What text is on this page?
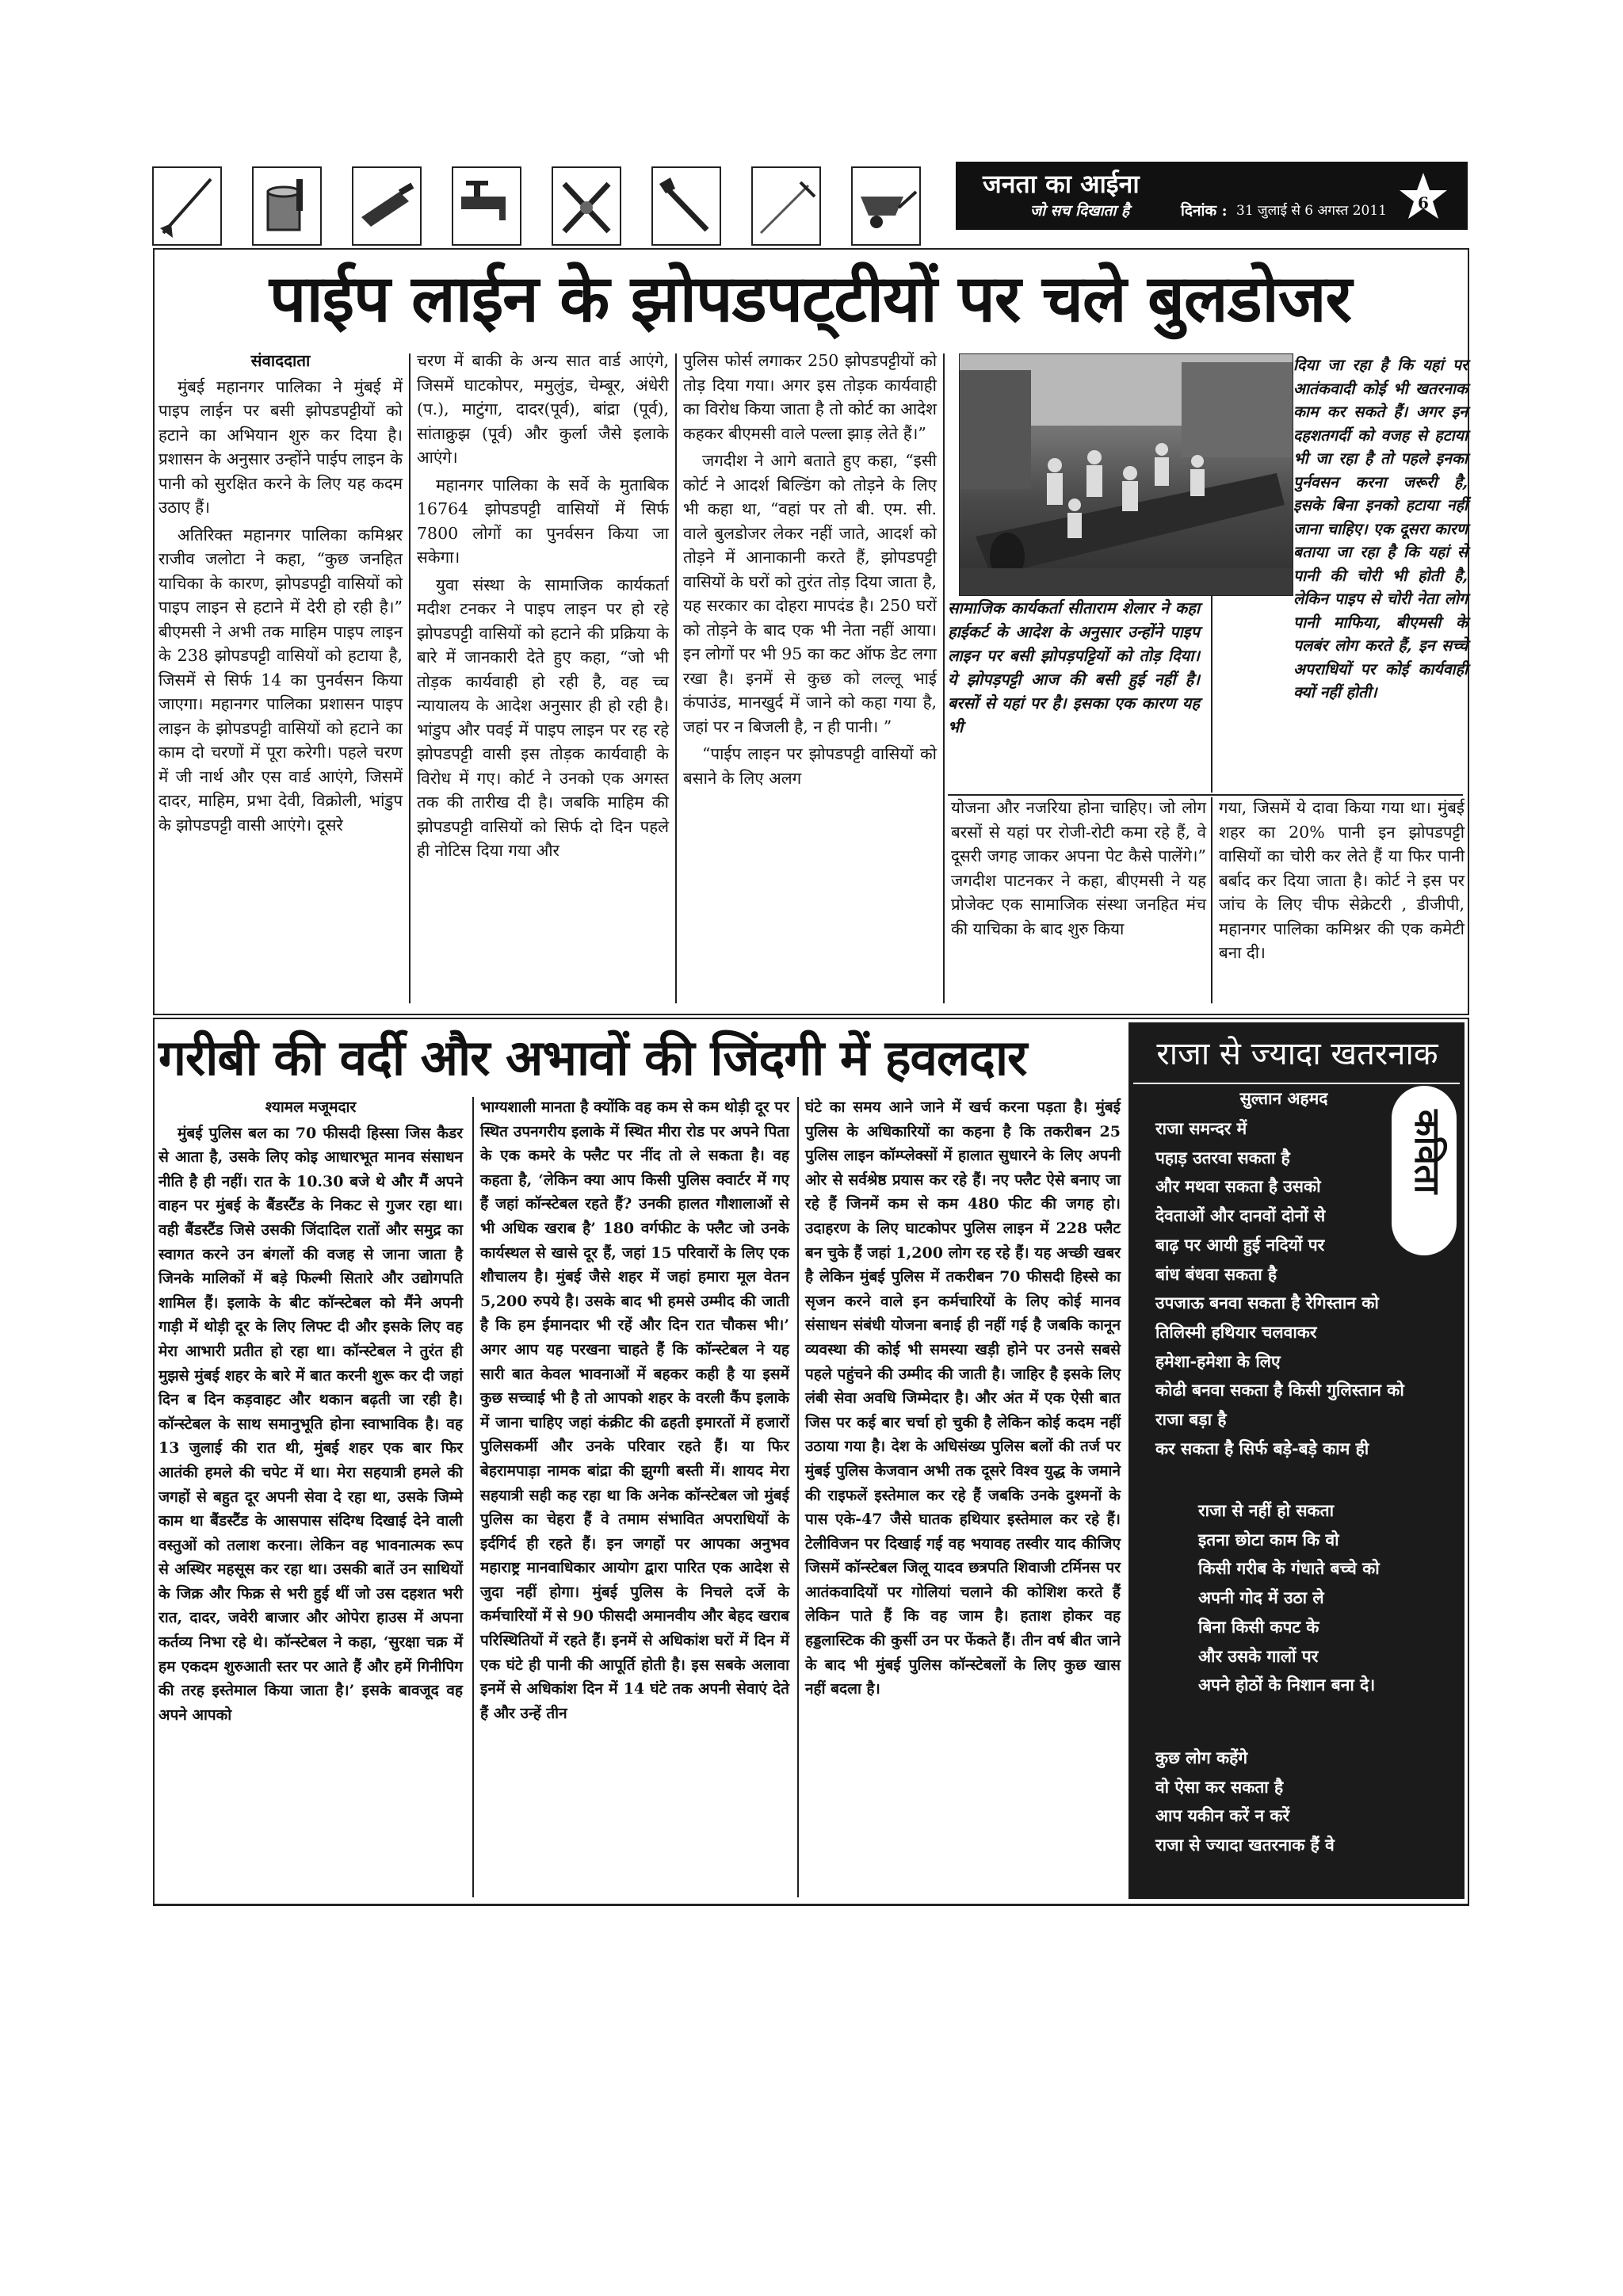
जनता का आईना
जो सच दिखाता है	दिनांक : 31 जुलाई से 6 अगस्त 2011 6
पाईप लाईन के झोपडपट्‍टीयों पर चले बुलडोजर

संवाददाता

मुंबई महानगर पालिका ने मुंबई में पाइप लाईन पर बसी झोपडपट्टीयों को हटाने का अभियान शुरु कर दिया है। प्रशासन के अनुसार उन्होंने पाईप लाइन के पानी को सुरक्षित करने के लिए यह कदम उठाए हैं।

अतिरिक्त महानगर पालिका कमिश्नर राजीव जलोटा ने कहा, “कुछ जनहित याचिका के कारण, झोपडपट्टी वासियों को पाइप लाइन से हटाने में देरी हो रही है।” बीएमसी ने अभी तक माहिम पाइप लाइन के 238 झोपडपट्टी वासियों को हटाया है, जिसमें से सिर्फ 14 का पुनर्वसन किया जाएगा। महानगर पालिका प्रशासन पाइप लाइन के झोपडपट्टी वासियों को हटाने का काम दो चरणों में पूरा करेगी। पहले चरण में जी नार्थ और एस वार्ड आएंगे, जिसमें दादर, माहिम, प्रभा देवी, विक्रोली, भांडुप के झोपडपट्टी वासी आएंगे। दूसरे

चरण में बाकी के अन्य सात वार्ड आएंगे, जिसमें घाटकोपर, ममुलुंड, चेम्बूर, अंधेरी (प.), माटुंगा, दादर(पूर्व), बांद्रा (पूर्व), सांताक्रुझ (पूर्व) और कुर्ला जैसे इलाके आएंगे।

महानगर पालिका के सर्वे के मुताबिक 16764 झोपडपट्टी वासियों में सिर्फ 7800 लोगों का पुनर्वसन किया जा सकेगा।

युवा संस्था के सामाजिक कार्यकर्ता मदीश टनकर ने पाइप लाइन पर हो रहे झोपडपट्टी वासियों को हटाने की प्रक्रिया के बारे में जानकारी देते हुए कहा, “जो भी तोड़क कार्यवाही हो रही है, वह च्च न्यायालय के आदेश अनुसार ही हो रही है। भांडुप और पवई में पाइप लाइन पर रह रहे झोपडपट्टी वासी इस तोड़क कार्यवाही के विरोध में गए। कोर्ट ने उनको एक अगस्त तक की तारीख दी है। जबकि माहिम की झोपडपट्टी वासियों को सिर्फ दो दिन पहले ही नोटिस दिया गया और

पुलिस फोर्स लगाकर 250 झोपडपट्टीयों को तोड़ दिया गया। अगर इस तोड़क कार्यवाही का विरोध किया जाता है तो कोर्ट का आदेश कहकर बीएमसी वाले पल्ला झाड़ लेते हैं।”

जगदीश ने आगे बताते हुए कहा, “इसी कोर्ट ने आदर्श बिल्डिंग को तोड़ने के लिए भी कहा था, “वहां पर तो बी. एम. सी. वाले बुलडोजर लेकर नहीं जाते, आदर्श को तोड़ने में आनाकानी करते हैं, झोपडपट्टी वासियों के घरों को तुरंत तोड़ दिया जाता है, यह सरकार का दोहरा मापदंड है। 250 घरों को तोड़ने के बाद एक भी नेता नहीं आया। इन लोगों पर भी 95 का कट ऑफ डेट लगा रखा है। इनमें से कुछ को लल्लू भाई कंपाउंड, मानखुर्द में जाने को कहा गया है, जहां पर न बिजली है, न ही पानी। ”

“पाईप लाइन पर झोपडपट्टी वासियों को बसाने के लिए अलग

सामाजिक कार्यकर्ता सीताराम शेलार ने कहा हाईकर्ट के आदेश के अनुसार उन्होंने पाइप लाइन पर बसी झोपड़पट्टियों को तोड़ दिया। ये झोपड़पट्टी आज की बसी हुई नहीं है। बरसों से यहां पर है। इसका एक कारण यह भी
दिया जा रहा है कि यहां पर आतंकवादी कोई भी खतरनाक काम कर सकते हैं। अगर इन दहशतगर्दी को वजह से हटाया भी जा रहा है तो पहले इनका पुर्नवसन करना जरूरी है, इसके बिना इनको हटाया नहीं जाना चाहिए। एक दूसरा कारण बताया जा रहा है कि यहां से पानी की चोरी भी होती है, लेकिन पाइप से चोरी नेता लोग पानी माफिया, बीएमसी के पलबंर लोग करते हैं, इन सच्चे अपराधियों पर कोई कार्यवाही क्यों नहीं होती।

योजना और नजरिया होना चाहिए। जो लोग बरसों से यहां पर रोजी-रोटी कमा रहे हैं, वे दूसरी जगह जाकर अपना पेट कैसे पालेंगे।” जगदीश पाटनकर ने कहा, बीएमसी ने यह प्रोजेक्ट एक सामाजिक संस्था जनहित मंच की याचिका के बाद शुरु किया

गया, जिसमें ये दावा किया गया था। मुंबई शहर का 20% पानी इन झोपडपट्टी वासियों का चोरी कर लेते हैं या फिर पानी बर्बाद कर दिया जाता है। कोर्ट ने इस पर जांच के लिए चीफ सेक्रेटरी , डीजीपी, महानगर पालिका कमिश्नर की एक कमेटी बना दी।

गरीबी की वर्दी और अभावों की जिंदगी में हवलदार

श्यामल मजूमदार

मुंबई पुलिस बल का 70 फीसदी हिस्सा जिस कैडर से आता है, उसके लिए कोइ आधारभूत मानव संसाधन नीति है ही नहीं। रात के 10.30 बजे थे और मैं अपने वाहन पर मुंबई के बैंडस्टैंड के निकट से गुजर रहा था। वही बैंडस्टैंड जिसे उसकी जिंदादिल रातों और समुद्र का स्वागत करने उन बंगलों की वजह से जाना जाता है जिनके मालिकों में बड़े फिल्मी सितारे और उद्योगपति शामिल हैं। इलाके के बीट कॉन्स्टेबल को मैंने अपनी गाड़ी में थोड़ी दूर के लिए लिफ्ट दी और इसके लिए वह मेरा आभारी प्रतीत हो रहा था। कॉन्स्टेबल ने तुरंत ही मुझसे मुंबई शहर के बारे में बात करनी शुरू कर दी जहां दिन ब दिन कड़वाहट और थकान बढ़ती जा रही है। कॉन्स्टेबल के साथ समानुभूति होना स्वाभाविक है। वह 13 जुलाई की रात थी, मुंबई शहर एक बार फिर आतंकी हमले की चपेट में था। मेरा सहयात्री हमले की जगहों से बहुत दूर अपनी सेवा दे रहा था, उसके जिम्मे काम था बैंडस्टैंड के आसपास संदिग्ध दिखाई देने वाली वस्तुओं को तलाश करना। लेकिन वह भावनात्मक रूप से अस्थिर महसूस कर रहा था। उसकी बातें उन साथियों के जिक्र और फिक्र से भरी हुई थीं जो उस दहशत भरी रात, दादर, जवेरी बाजार और ओपेरा हाउस में अपना कर्तव्य निभा रहे थे। कॉन्स्टेबल ने कहा, ‘सुरक्षा चक्र में हम एकदम शुरुआती स्तर पर आते हैं और हमें गिनीपिग की तरह इस्तेमाल किया जाता है।’ इसके बावजूद वह अपने आपको

भाग्यशाली मानता है क्योंकि वह कम से कम थोड़ी दूर पर स्थित उपनगरीय इलाके में स्थित मीरा रोड पर अपने पिता के एक कमरे के फ्लैट पर नींद तो ले सकता है। वह कहता है, ‘लेकिन क्या आप किसी पुलिस क्वार्टर में गए हैं जहां कॉन्स्टेबल रहते हैं? उनकी हालत गौशालाओं से भी अधिक खराब है’ 180 वर्गफीट के फ्लैट जो उनके कार्यस्थल से खासे दूर हैं, जहां 15 परिवारों के लिए एक शौचालय है। मुंबई जैसे शहर में जहां हमारा मूल वेतन 5,200 रुपये है। उसके बाद भी हमसे उम्मीद की जाती है कि हम ईमानदार भी रहें और दिन रात चौकस भी।’ अगर आप यह परखना चाहते हैं कि कॉन्स्टेबल ने यह सारी बात केवल भावनाओं में बहकर कही है या इसमें कुछ सच्चाई भी है तो आपको शहर के वरली कैंप इलाके में जाना चाहिए जहां कंक्रीट की ढहती इमारतों में हजारों पुलिसकर्मी और उनके परिवार रहते हैं। या फिर बेहरामपाड़ा नामक बांद्रा की झुग्गी बस्ती में। शायद मेरा सहयात्री सही कह रहा था कि अनेक कॉन्स्टेबल जो मुंबई पुलिस का चेहरा हैं वे तमाम संभावित अपराधियों के इर्दगिर्द ही रहते हैं। इन जगहों पर आपका अनुभव महाराष्ट्र मानवाधिकार आयोग द्वारा पारित एक आदेश से जुदा नहीं होगा। मुंबई पुलिस के निचले दर्जे के कर्मचारियों में से 90 फीसदी अमानवीय और बेहद खराब परिस्थितियों में रहते हैं। इनमें से अधिकांश घरों में दिन में एक घंटे ही पानी की आपूर्ति होती है। इस सबके अलावा इनमें से अधिकांश दिन में 14 घंटे तक अपनी सेवाएं देते हैं और उन्हें तीन

घंटे का समय आने जाने में खर्च करना पड़ता है। मुंबई पुलिस के अधिकारियों का कहना है कि तकरीबन 25 पुलिस लाइन कॉम्प्लेक्सों में हालात सुधारने के लिए अपनी ओर से सर्वश्रेष्ठ प्रयास कर रहे हैं। नए फ्लैट ऐसे बनाए जा रहे हैं जिनमें कम से कम 480 फीट की जगह हो। उदाहरण के लिए घाटकोपर पुलिस लाइन में 228 फ्लैट बन चुके हैं जहां 1,200 लोग रह रहे हैं। यह अच्छी खबर है लेकिन मुंबई पुलिस में तकरीबन 70 फीसदी हिस्से का सृजन करने वाले इन कर्मचारियों के लिए कोई मानव संसाधन संबंधी योजना बनाई ही नहीं गई है जबकि कानून व्यवस्था की कोई भी समस्या खड़ी होने पर उनसे सबसे पहले पहुंचने की उम्मीद की जाती है। जाहिर है इसके लिए लंबी सेवा अवधि जिम्मेदार है। और अंत में एक ऐसी बात जिस पर कई बार चर्चा हो चुकी है लेकिन कोई कदम नहीं उठाया गया है। देश के अधिसंख्य पुलिस बलों की तर्ज पर मुंबई पुलिस केजवान अभी तक दूसरे विश्व युद्ध के जमाने की राइफलें इस्तेमाल कर रहे हैं जबकि उनके दुश्मनों के पास एके-47 जैसे घातक हथियार इस्तेमाल कर रहे हैं। टेलीविजन पर दिखाई गई वह भयावह तस्वीर याद कीजिए जिसमें कॉन्स्टेबल जिलू यादव छत्रपति शिवाजी टर्मिनस पर आतंकवादियों पर गोलियां चलाने की कोशिश करते हैं लेकिन पाते हैं कि वह जाम है। हताश होकर वह हड्डलास्टिक की कुर्सी उन पर फेंकते हैं। तीन वर्ष बीत जाने के बाद भी मुंबई पुलिस कॉन्स्टेबलों के लिए कुछ खास नहीं बदला है।

राजा से ज्यादा खतरनाक
कविता
सुल्तान अहमद
राजा समन्दर में
पहाड़ उतरवा सकता है
और मथवा सकता है उसको
देवताओं और दानवों दोनों से
बाढ़ पर आयी हुई नदियों पर
बांध बंधवा सकता है
उपजाऊ बनवा सकता है रेगिस्तान को
तिलिस्मी हथियार चलवाकर
हमेशा-हमेशा के लिए
कोढी बनवा सकता है किसी गुलिस्तान को
राजा बड़ा है
कर सकता है सिर्फ बड़े-बड़े काम ही
राजा से नहीं हो सकता
इतना छोटा काम कि वो
किसी गरीब के गंधाते बच्चे को
अपनी गोद में उठा ले
बिना किसी कपट के
और उसके गालों पर
अपने होठों के निशान बना दे।
कुछ लोग कहेंगे
वो ऐसा कर सकता है
आप यकीन करें न करें
राजा से ज्यादा खतरनाक हैं वे
